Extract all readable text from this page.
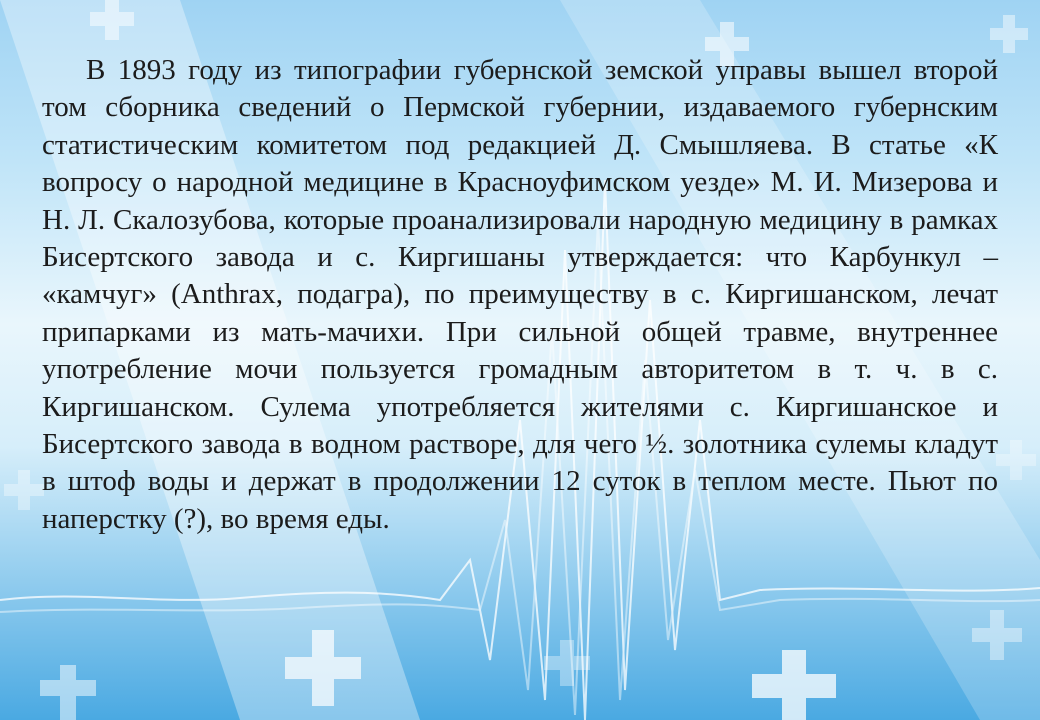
В 1893 году из типографии губернской земской управы вышел второй том сборника сведений о Пермской губернии, издаваемого губернским статистическим комитетом под редакцией Д. Смышляева. В статье «К вопросу о народной медицине в Красноуфимском уезде» М. И. Мизерова и Н. Л. Скалозубова, которые проанализировали народную медицину в рамках Бисертского завода и с. Киргишаны утверждается: что Карбункул – «камчуг» (Anthrax, подагра), по преимуществу в с. Киргишанском, лечат припарками из мать-мачихи. При сильной общей травме, внутреннее употребление мочи пользуется громадным авторитетом в т. ч. в с. Киргишанском. Сулема употребляется жителями с. Киргишанское и Бисертского завода в водном растворе, для чего ½. золотника сулемы кладут в штоф воды и держат в продолжении 12 суток в теплом месте. Пьют по наперстку (?), во время еды.
